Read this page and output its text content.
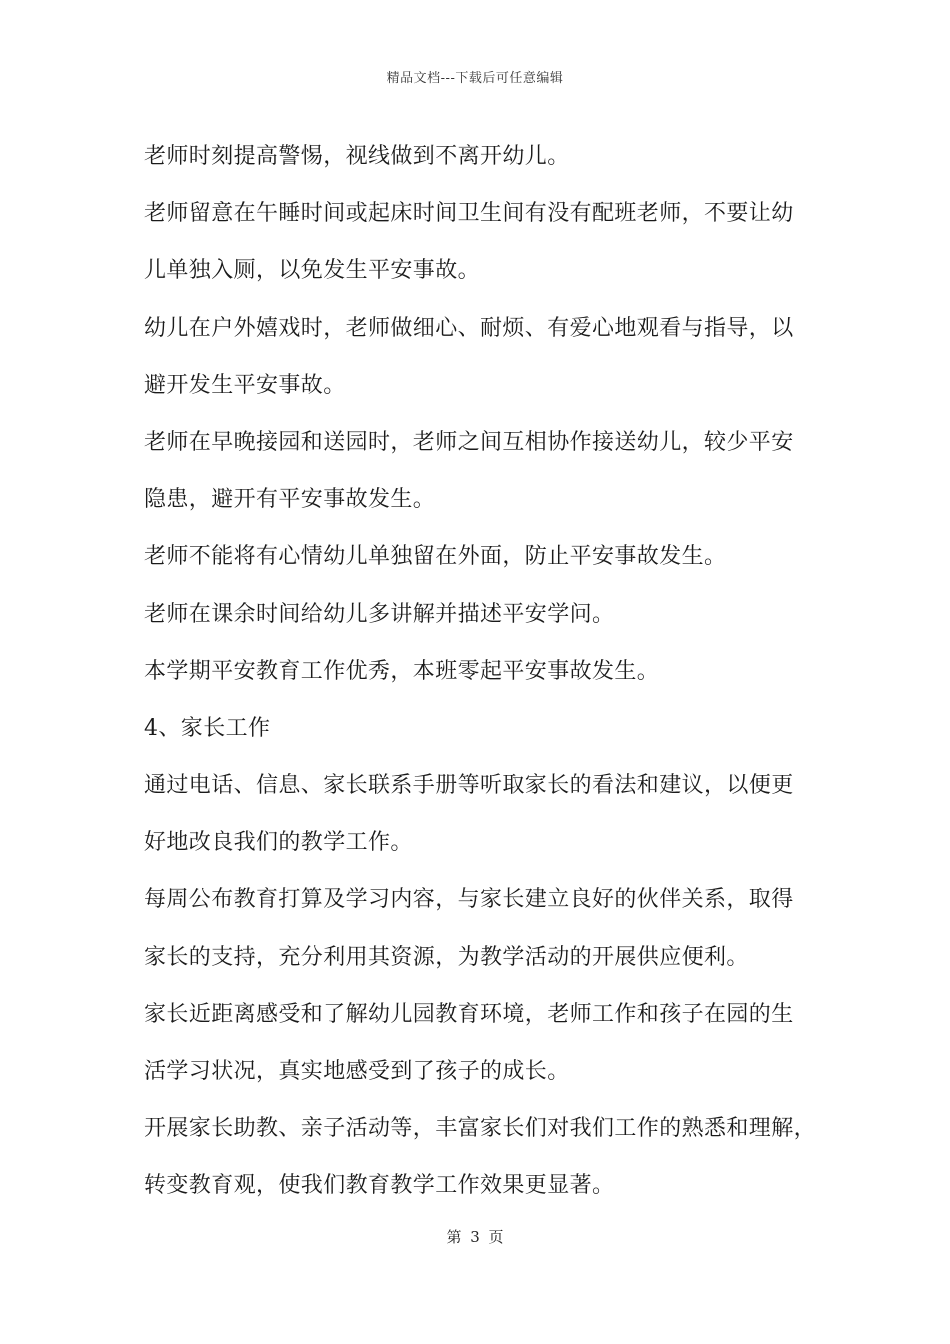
精品文档---下载后可任意编辑
老师时刻提高警惕，视线做到不离开幼儿。
老师留意在午睡时间或起床时间卫生间有没有配班老师，不要让幼
儿单独入厕，以免发生平安事故。
幼儿在户外嬉戏时，老师做细心、耐烦、有爱心地观看与指导，以
避开发生平安事故。
老师在早晚接园和送园时，老师之间互相协作接送幼儿，较少平安
隐患，避开有平安事故发生。
老师不能将有心情幼儿单独留在外面，防止平安事故发生。
老师在课余时间给幼儿多讲解并描述平安学问。
本学期平安教育工作优秀，本班零起平安事故发生。
4、家长工作
通过电话、信息、家长联系手册等听取家长的看法和建议，以便更
好地改良我们的教学工作。
每周公布教育打算及学习内容，与家长建立良好的伙伴关系，取得
家长的支持，充分利用其资源，为教学活动的开展供应便利。
家长近距离感受和了解幼儿园教育环境，老师工作和孩子在园的生
活学习状况，真实地感受到了孩子的成长。
开展家长助教、亲子活动等，丰富家长们对我们工作的熟悉和理解，
转变教育观，使我们教育教学工作效果更显著。
第 3 页
